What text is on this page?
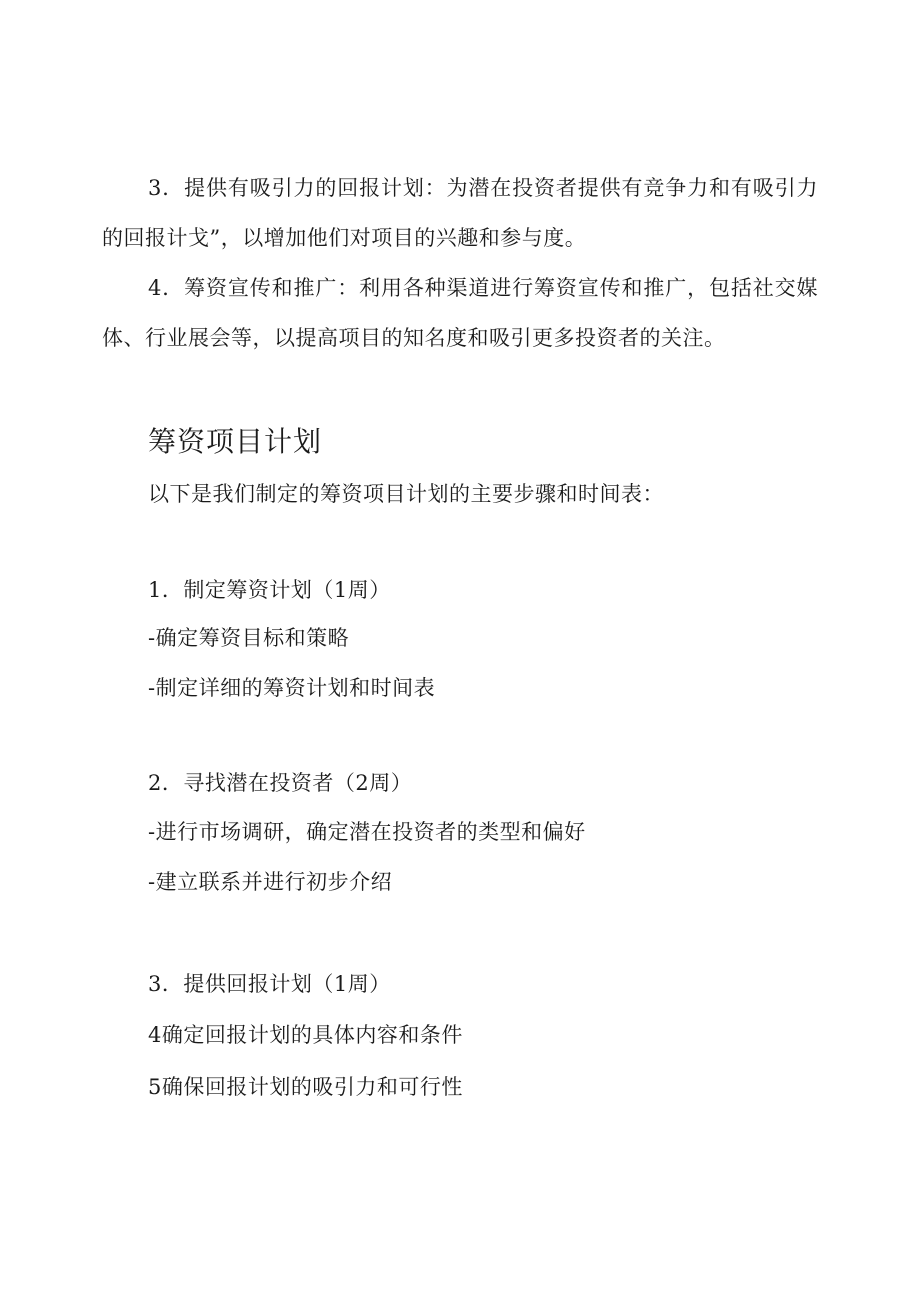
3．提供有吸引力的回报计划：为潜在投资者提供有竞争力和有吸引力的回报计戈”，以增加他们对项目的兴趣和参与度。

4．筹资宣传和推广：利用各种渠道进行筹资宣传和推广，包括社交媒体、行业展会等，以提高项目的知名度和吸引更多投资者的关注。

筹资项目计划

以下是我们制定的筹资项目计划的主要步骤和时间表：

1．制定筹资计划（1周）

-确定筹资目标和策略

-制定详细的筹资计划和时间表

2．寻找潜在投资者（2周）

-进行市场调研，确定潜在投资者的类型和偏好

-建立联系并进行初步介绍

3．提供回报计划（1周）

4确定回报计划的具体内容和条件

5确保回报计划的吸引力和可行性
